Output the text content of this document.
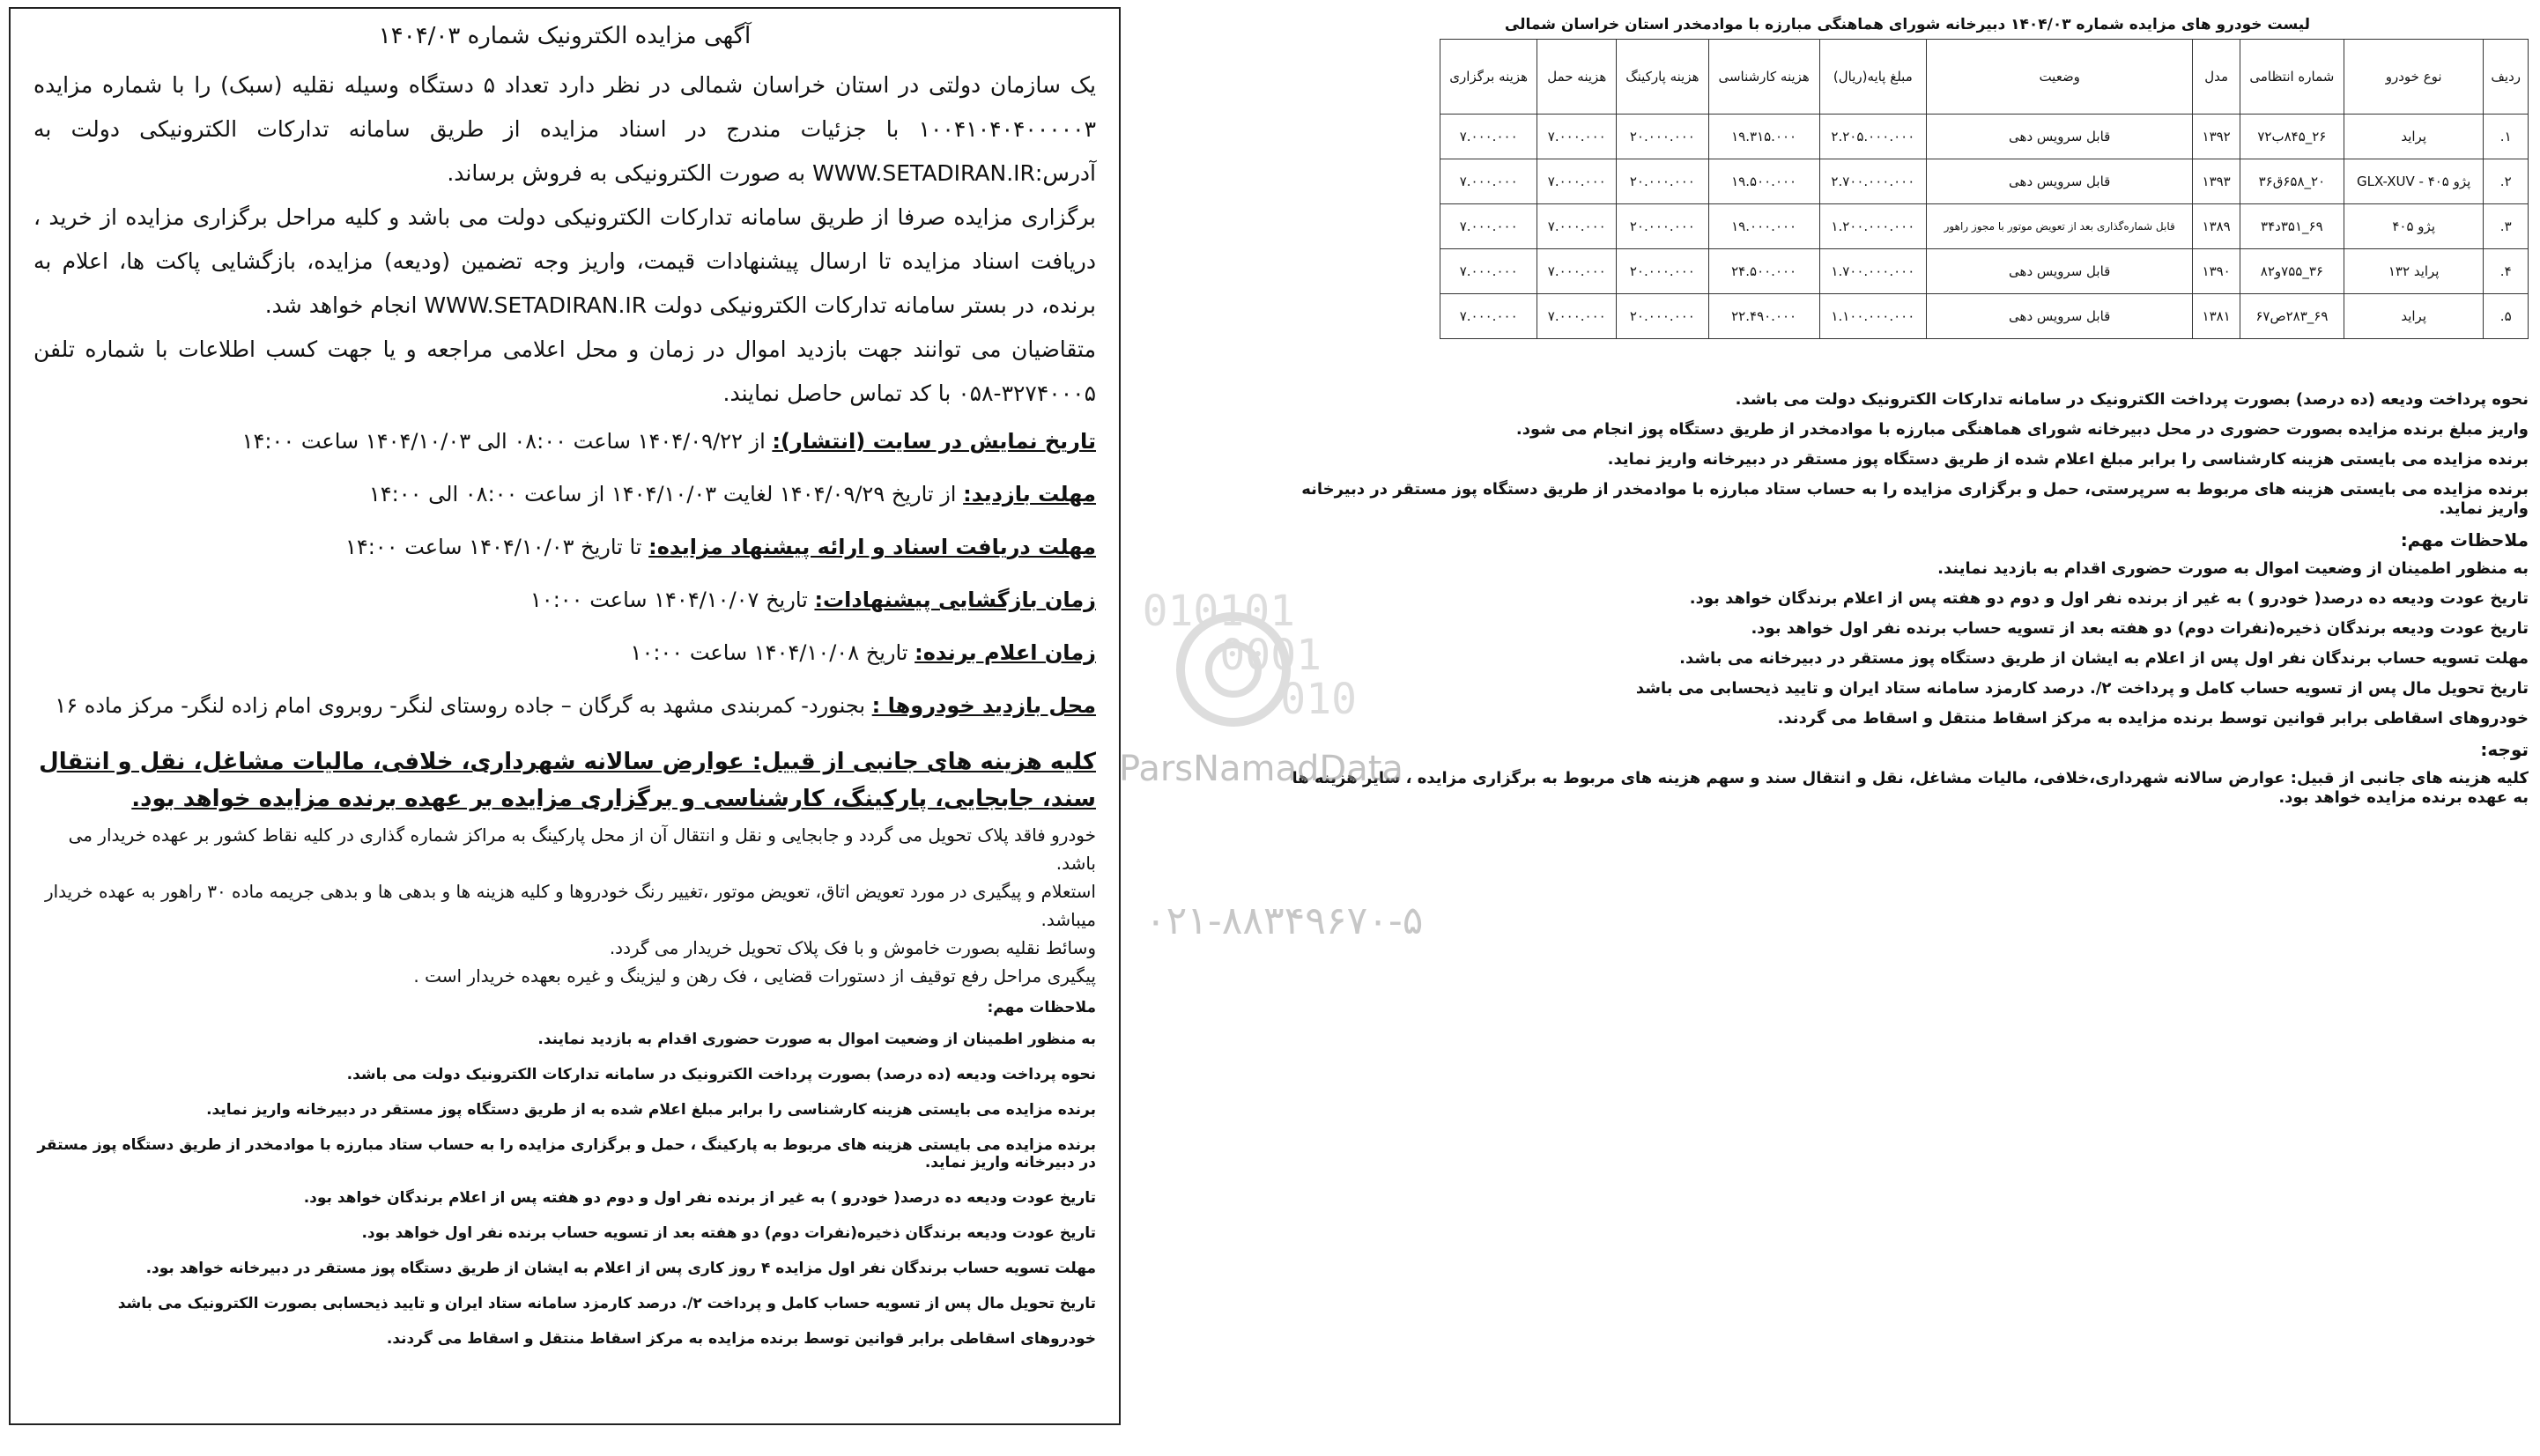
آگهی مزایده الکترونیک شماره ۱۴۰۴/۰۳

یک سازمان دولتی در استان خراسان شمالی در نظر دارد تعداد ۵ دستگاه وسیله نقلیه (سبک) را با شماره مزایده ۱۰۰۴۱۰۴۰۴۰۰۰۰۰۳ با جزئیات مندرج در اسناد مزایده از طریق سامانه تدارکات الکترونیکی دولت به آدرس:WWW.SETADIRAN.IR به صورت الکترونیکی به فروش برساند.

برگزاری مزایده صرفا از طریق سامانه تدارکات الکترونیکی دولت می باشد و کلیه مراحل برگزاری مزایده از خرید ، دریافت اسناد مزایده تا ارسال پیشنهادات قیمت، واریز وجه تضمین (ودیعه) مزایده، بازگشایی پاکت ها، اعلام به برنده، در بستر سامانه تدارکات الکترونیکی دولت WWW.SETADIRAN.IR انجام خواهد شد.

متقاضیان می توانند جهت بازدید اموال در زمان و محل اعلامی مراجعه و یا جهت کسب اطلاعات با شماره تلفن ۳۲۷۴۰۰۰۵-۰۵۸ با کد تماس حاصل نمایند.

تاریخ نمایش در سایت (انتشار): از ۱۴۰۴/۰۹/۲۲ ساعت ۰۸:۰۰ الی ۱۴۰۴/۱۰/۰۳ ساعت ۱۴:۰۰
مهلت بازدید: از تاریخ ۱۴۰۴/۰۹/۲۹ لغایت ۱۴۰۴/۱۰/۰۳ از ساعت ۰۸:۰۰ الی ۱۴:۰۰
مهلت دریافت اسناد و ارائه پیشنهاد مزایده: تا تاریخ ۱۴۰۴/۱۰/۰۳ ساعت ۱۴:۰۰
زمان بازگشایی پیشنهادات: تاریخ ۱۴۰۴/۱۰/۰۷ ساعت ۱۰:۰۰
زمان اعلام برنده: تاریخ ۱۴۰۴/۱۰/۰۸ ساعت ۱۰:۰۰
محل بازدید خودروها : بجنورد- کمربندی مشهد به گرگان – جاده روستای لنگر- روبروی امام زاده لنگر- مرکز ماده ۱۶
کلیه هزینه های جانبی از قبیل: عوارض سالانه شهرداری، خلافی، مالیات مشاغل، نقل و انتقال سند، جابجایی، پارکینگ، کارشناسی و برگزاری مزایده بر عهده برنده مزایده خواهد بود.
خودرو فاقد پلاک تحویل می گردد و جابجایی و نقل و انتقال آن از محل پارکینگ به مراکز شماره گذاری در کلیه نقاط کشور بر عهده خریدار می باشد.
استعلام و پیگیری در مورد تعویض اتاق، تعویض موتور ،تغییر رنگ خودروها و کلیه هزینه ها و بدهی ها و بدهی جریمه ماده ۳۰ راهور به عهده خریدار میباشد.
وسائط نقلیه بصورت خاموش و با فک پلاک تحویل خریدار می گردد.
پیگیری مراحل رفع توقیف از دستورات قضایی ، فک رهن و لیزینگ و غیره بعهده خریدار است .
ملاحظات مهم:
به منظور اطمینان از وضعیت اموال به صورت حضوری اقدام به بازدید نمایند.
نحوه پرداخت ودیعه (ده درصد) بصورت پرداخت الکترونیک در سامانه تدارکات الکترونیک دولت می باشد.
برنده مزایده می بایستی هزینه کارشناسی را برابر مبلغ اعلام شده به از طریق دستگاه پوز مستقر در دبیرخانه واریز نماید.
برنده مزایده می بایستی هزینه های مربوط به پارکینگ ، حمل و برگزاری مزایده را به حساب ستاد مبارزه با موادمخدر از طریق دستگاه پوز مستقر در دبیرخانه واریز نماید.
تاریخ عودت ودیعه ده درصد( خودرو ) به غیر از برنده نفر اول و دوم دو هفته پس از اعلام برندگان خواهد بود.
تاریخ عودت ودیعه برندگان ذخیره(نفرات دوم) دو هفته بعد از تسویه حساب برنده نفر اول خواهد بود.
مهلت تسویه حساب برندگان نفر اول مزایده ۴ روز کاری پس از اعلام به ایشان از طریق دستگاه پوز مستقر در دبیرخانه خواهد بود.
تاریخ تحویل مال پس از تسویه حساب کامل و پرداخت ۲/. درصد کارمزد سامانه ستاد ایران و تایید ذیحسابی بصورت الکترونیک می باشد
خودروهای اسقاطی برابر قوانین توسط برنده مزایده به مرکز اسقاط منتقل و اسقاط می گردند.
لیست خودرو های مزایده شماره ۱۴۰۴/۰۳ دبیرخانه شورای هماهنگی مبارزه با موادمخدر استان خراسان شمالی
ردیف	نوع خودرو	شماره انتظامی	مدل	وضعیت	مبلغ پایه(ریال)	هزینه کارشناسی	هزینه پارکینگ	هزینه حمل	هزینه برگزاری
۱.	پراید	۲۶_۸۴۵ب۷۲	۱۳۹۲	قابل سرویس دهی	۲.۲۰۵.۰۰۰.۰۰۰	۱۹.۳۱۵.۰۰۰	۲۰.۰۰۰.۰۰۰	۷.۰۰۰.۰۰۰	۷.۰۰۰.۰۰۰
۲.	پژو ۴۰۵ - GLX-XUV	۲۰_۶۵۸ق۳۶	۱۳۹۳	قابل سرویس دهی	۲.۷۰۰.۰۰۰.۰۰۰	۱۹.۵۰۰.۰۰۰	۲۰.۰۰۰.۰۰۰	۷.۰۰۰.۰۰۰	۷.۰۰۰.۰۰۰
۳.	پژو ۴۰۵	۶۹_۳۵۱د۳۴	۱۳۸۹	قابل شماره‌گذاری بعد از تعویض موتور با مجوز راهور	۱.۲۰۰.۰۰۰.۰۰۰	۱۹.۰۰۰.۰۰۰	۲۰.۰۰۰.۰۰۰	۷.۰۰۰.۰۰۰	۷.۰۰۰.۰۰۰
۴.	پراید ۱۳۲	۳۶_۷۵۵و۸۲	۱۳۹۰	قابل سرویس دهی	۱.۷۰۰.۰۰۰.۰۰۰	۲۴.۵۰۰.۰۰۰	۲۰.۰۰۰.۰۰۰	۷.۰۰۰.۰۰۰	۷.۰۰۰.۰۰۰
۵.	پراید	۶۹_۲۸۳ص۶۷	۱۳۸۱	قابل سرویس دهی	۱.۱۰۰.۰۰۰.۰۰۰	۲۲.۴۹۰.۰۰۰	۲۰.۰۰۰.۰۰۰	۷.۰۰۰.۰۰۰	۷.۰۰۰.۰۰۰

نحوه پرداخت ودیعه (ده درصد) بصورت پرداخت الکترونیک در سامانه تدارکات الکترونیک دولت می باشد.

واریز مبلغ برنده مزایده بصورت حضوری در محل دبیرخانه شورای هماهنگی مبارزه با موادمخدر از طریق دستگاه پوز انجام می شود.

برنده مزایده می بایستی هزینه کارشناسی را برابر مبلغ اعلام شده از طریق دستگاه پوز مستقر در دبیرخانه واریز نماید.

برنده مزایده می بایستی هزینه های مربوط به سرپرستی، حمل و برگزاری مزایده را به حساب ستاد مبارزه با موادمخدر از طریق دستگاه پوز مستقر در دبیرخانه واریز نماید.

ملاحظات مهم:

به منظور اطمینان از وضعیت اموال به صورت حضوری اقدام به بازدید نمایند.

تاریخ عودت ودیعه ده درصد( خودرو ) به غیر از برنده نفر اول و دوم دو هفته پس از اعلام برندگان خواهد بود.

تاریخ عودت ودیعه برندگان ذخیره(نفرات دوم) دو هفته بعد از تسویه حساب برنده نفر اول خواهد بود.

مهلت تسویه حساب برندگان نفر اول پس از اعلام به ایشان از طریق دستگاه پوز مستقر در دبیرخانه می باشد.

تاریخ تحویل مال پس از تسویه حساب کامل و پرداخت ۲/. درصد کارمزد سامانه ستاد ایران و تایید ذیحسابی می باشد

خودروهای اسقاطی برابر قوانین توسط برنده مزایده به مرکز اسقاط منتقل و اسقاط می گردند.

توجه:

کلیه هزینه های جانبی از قبیل: عوارض سالانه شهرداری،خلافی، مالیات مشاغل، نقل و انتقال سند و سهم هزینه های مربوط به برگزاری مزایده ، سایر هزینه ها به عهده برنده مزایده خواهد بود.

010101
0001
010
ParsNamadData
۰۲۱-۸۸۳۴۹۶۷۰-۵
